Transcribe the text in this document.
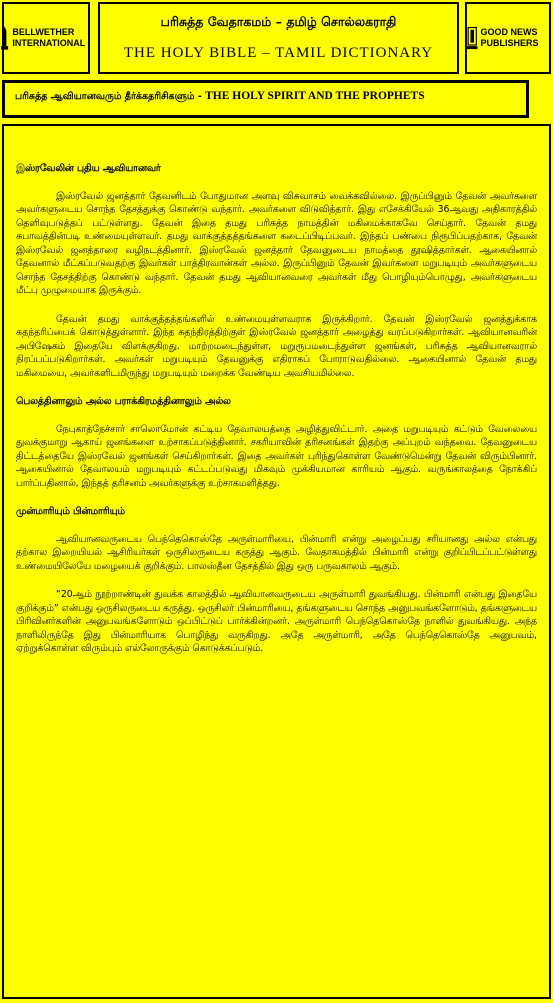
BELLWETHER INTERNATIONAL
பரிசுத்த வேதாகமம் – தமிழ் சொல்லகராதி
THE HOLY BIBLE – TAMIL DICTIONARY
GOOD NEWS PUBLISHERS
பரிசுத்த ஆவியானவரும் தீர்க்கதரிசிகளும் - THE HOLY SPIRIT AND THE PROPHETS
இஸ்ரவேலின் புதிய ஆவியானவர்

இஸ்ரவேல் ஜனத்தார் தேவனிடம் போதுமான அளவு விசுவாசம் வைக்கவில்லை. இருப்பினும் தேவன் அவர்களை அவர்களுடைய சொந்த தேசத்துக்கு கொண்டு வந்தார். அவர்களை விடுவித்தார். இது எசேக்கியேல் 36ஆவது அதிகாரத்தில் தெளிவுபடுத்தப் பட்டுள்ளது. தேவன் இதை தமது பரிசுத்த நாமத்தின் மகிமைக்காகவே செய்தார். தேவன் தமது சுபாவத்தின்படி உண்மையுள்ளவர். தமது வாக்குத்தத்தங்களை கடைப்பிடிப்பவர். இந்தப் பண்பை நிரூபிப்பதற்காக, தேவன் இஸ்ரவேல் ஜனத்தாரை வழிநடத்தினார். இஸ்ரவேல் ஜனத்தார் தேவனுடைய நாமத்தை தூஷித்தார்கள். ஆகையினால் தேவனால் மீட்கப்படுவதற்கு இவர்கள் பாத்திரவான்கள் அல்ல. இருப்பினும் தேவன் இவர்களை மறுபடியும் அவர்களுடைய சொந்த தேசத்திற்கு கொண்டு வந்தார். தேவன் தமது ஆவியானவரை அவர்கள் மீது பொழியும்பொழுது, அவர்களுடைய மீட்பு முழுமையாக இருக்கும்.

தேவன் தமது வாக்குத்தத்தங்களில் உண்மையுள்ளவராக இருக்கிறார். தேவன் இஸ்ரவேல் ஜனத்துக்காக சுதந்தரிப்பைக் கொடுத்துள்ளார். இந்த சுதந்திரத்திற்குள் இஸ்ரவேல் ஜனத்தார் அழைத்து வரப்படுகிறார்கள். ஆவியானவரின் அபிஷேகம் இதையே விளக்குகிறது. மாற்றமடைந்துள்ள, மறுரூபமடைந்துள்ள ஜனங்கள், பரிசுத்த ஆவியானவரால் நிரப்பப்படுகிறார்கள். அவர்கள் மறுபடியும் தேவனுக்கு எதிராகப் போராடுவதில்லை. ஆகையினால் தேவன் தமது மகிமையை, அவர்களிடமிருந்து மறுபடியும் மறைக்க வேண்டிய அவசியமில்லை.

பெலத்தினாலும் அல்ல பராக்கிரமத்தினாலும் அல்ல

நேபுகாத்நேச்சார் சாலொமோன் கட்டிய தேவாலயத்தை அழித்துவிட்டார். அதை மறுபடியும் கட்டும் வேலையை துவக்குமாறு ஆகாய் ஜனங்களை உற்சாகப்படுத்தினார். சகரியாவின் தரிசனங்கள் இதற்கு அப்புறம் வந்தவை. தேவனுடைய திட்டத்தையே இஸ்ரவேல் ஜனங்கள் செய்கிறார்கள். இதை அவர்கள் புரிந்துகொள்ள வேண்டுமென்று தேவன் விரும்பினார். ஆகையினால் தேவாலயம் மறுபடியும் கட்டப்படுவது மிகவும் முக்கியமான காரியம் ஆகும். வருங்காலத்தை நோக்கிப் பார்ப்பதினால், இந்தத் தரிசனம் அவர்களுக்கு உற்சாகமளித்தது.

முன்மாரியும் பின்மாரியும்

ஆவியானவருடைய பெந்தெகொஸ்தே அருள்மாரியை, பின்மாரி என்று அழைப்பது சரியானது அல்ல என்பது தற்கால இறையியல் ஆசிரியர்கள் ஒருசிலருடைய கருத்து ஆகும். வேதாகமத்தில் பின்மாரி என்று குறிப்பிடப்பட்டுள்ளது உண்மையிலேயே மழையைக் குறிக்கும். பாலஸ்தீன தேசத்தில் இது ஒரு பருவகாலம் ஆகும்.

“20ஆம் நூற்றாண்டின் துவக்க காலத்தில் ஆவியானவருடைய அருள்மாரி துவங்கியது. பின்மாரி என்பது இதையே குறிக்கும்” என்பது ஒருசிலருடைய கருத்து. ஒருசிலர் பின்மாரியை, தங்களுடைய சொந்த அனுபவங்களோடும், தங்களுடைய பிரிவினர்களின் அனுபவங்களோடும் ஒப்பிட்டுப் பார்க்கின்றனர். அருள்மாரி பெந்தெகொஸ்தே நாளில் துவங்கியது. அந்த நாளிலிருந்தே இது பின்மாரியாக பொழிந்து வருகிறது. அதே அருள்மாரி, அதே பெந்தெகொஸ்தே அனுபவம், ஏற்றுக்கொள்ள விரும்பும் எல்லோருக்கும் கொடுக்கப்படும்.
